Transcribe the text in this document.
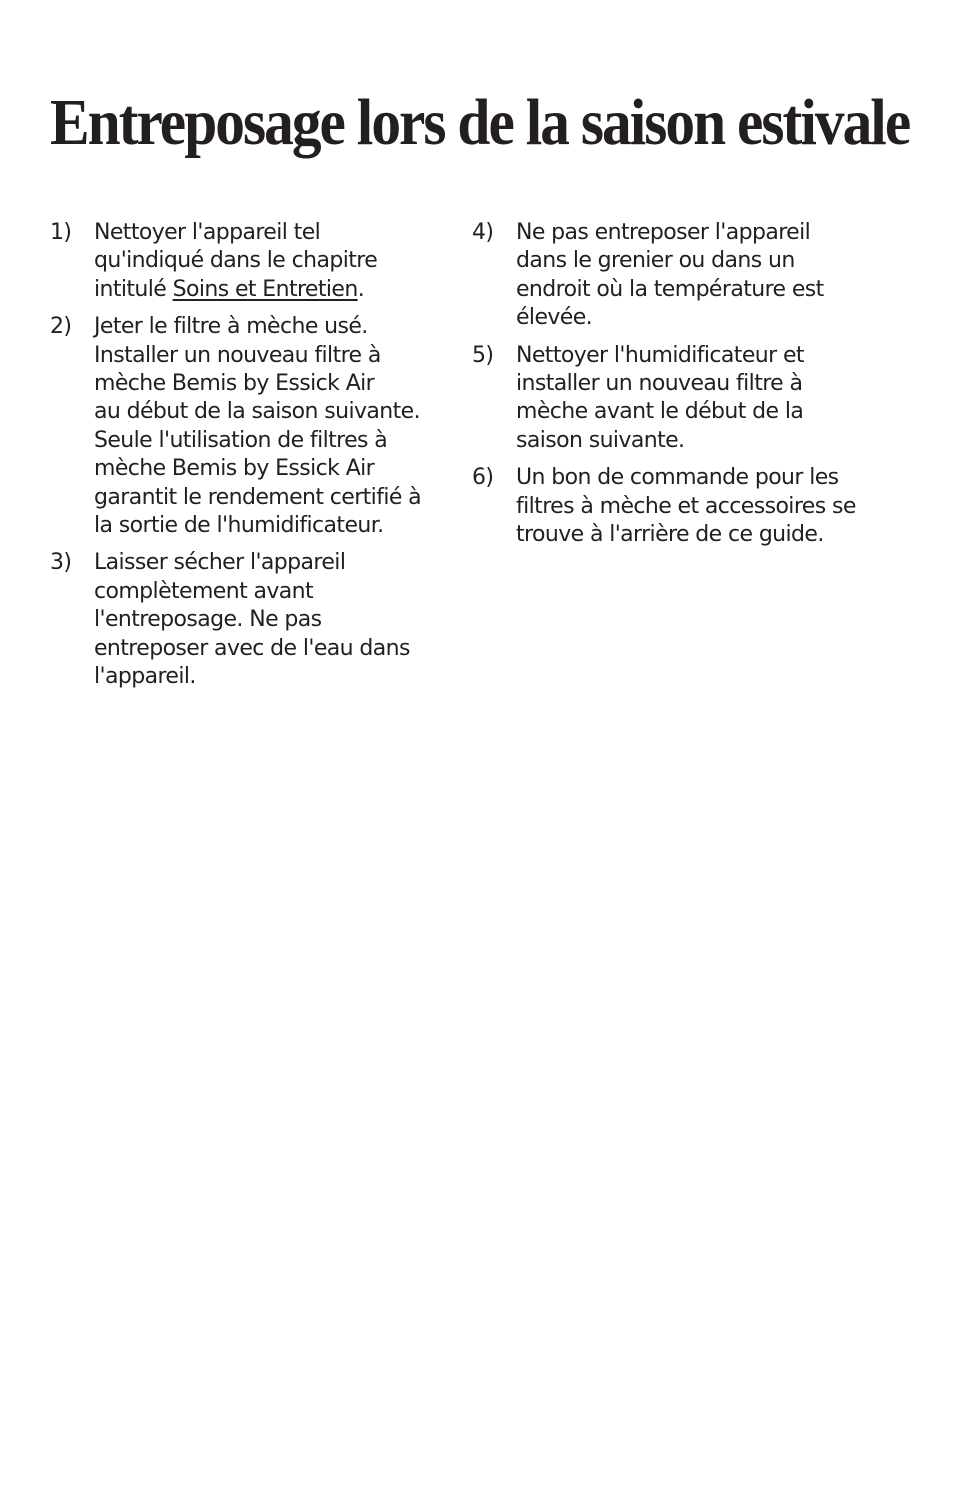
Entreposage lors de la saison estivale
1) Nettoyer l'appareil tel
qu'indiqué dans le chapitre
intitulé Soins et Entretien.
2) Jeter le filtre à mèche usé.
Installer un nouveau filtre à
mèche Bemis by Essick Air
au début de la saison suivante.
Seule l'utilisation de filtres à
mèche Bemis by Essick Air
garantit le rendement certifié à
la sortie de l'humidificateur.
3) Laisser sécher l'appareil
complètement avant
l'entreposage. Ne pas
entreposer avec de l'eau dans
l'appareil.
4) Ne pas entreposer l'appareil
dans le grenier ou dans un
endroit où la température est
élevée.
5) Nettoyer l'humidificateur et
installer un nouveau filtre à
mèche avant le début de la
saison suivante.
6) Un bon de commande pour les
filtres à mèche et accessoires se
trouve à l'arrière de ce guide.
